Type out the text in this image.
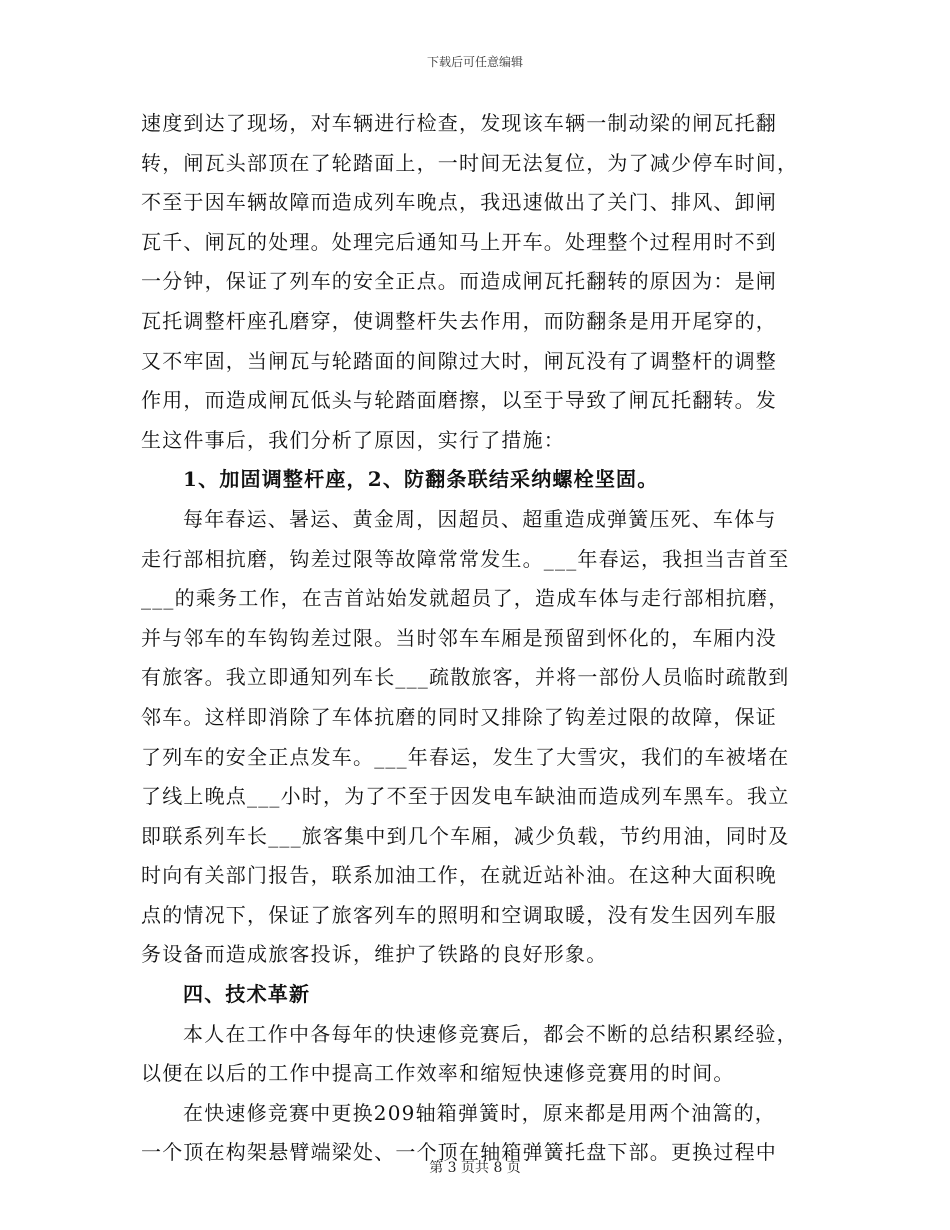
下载后可任意编辑
速度到达了现场，对车辆进行检查，发现该车辆一制动梁的闸瓦托翻
转，闸瓦头部顶在了轮踏面上，一时间无法复位，为了减少停车时间，
不至于因车辆故障而造成列车晚点，我迅速做出了关门、排风、卸闸
瓦千、闸瓦的处理。处理完后通知马上开车。处理整个过程用时不到
一分钟，保证了列车的安全正点。而造成闸瓦托翻转的原因为：是闸
瓦托调整杆座孔磨穿，使调整杆失去作用，而防翻条是用开尾穿的，
又不牢固，当闸瓦与轮踏面的间隙过大时，闸瓦没有了调整杆的调整
作用，而造成闸瓦低头与轮踏面磨擦，以至于导致了闸瓦托翻转。发
生这件事后，我们分析了原因，实行了措施：
1、加固调整杆座，2、防翻条联结采纳螺栓坚固。
每年春运、暑运、黄金周，因超员、超重造成弹簧压死、车体与
走行部相抗磨，钩差过限等故障常常发生。___年春运，我担当吉首至
___的乘务工作，在吉首站始发就超员了，造成车体与走行部相抗磨，
并与邻车的车钩钩差过限。当时邻车车厢是预留到怀化的，车厢内没
有旅客。我立即通知列车长___疏散旅客，并将一部份人员临时疏散到
邻车。这样即消除了车体抗磨的同时又排除了钩差过限的故障，保证
了列车的安全正点发车。___年春运，发生了大雪灾，我们的车被堵在
了线上晚点___小时，为了不至于因发电车缺油而造成列车黑车。我立
即联系列车长___旅客集中到几个车厢，减少负载，节约用油，同时及
时向有关部门报告，联系加油工作，在就近站补油。在这种大面积晚
点的情况下，保证了旅客列车的照明和空调取暖，没有发生因列车服
务设备而造成旅客投诉，维护了铁路的良好形象。
四、技术革新
本人在工作中各每年的快速修竞赛后，都会不断的总结积累经验，
以便在以后的工作中提高工作效率和缩短快速修竞赛用的时间。
在快速修竞赛中更换209轴箱弹簧时，原来都是用两个油篙的，
一个顶在构架悬臂端梁处、一个顶在轴箱弹簧托盘下部。更换过程中
第 3 页共 8 页
